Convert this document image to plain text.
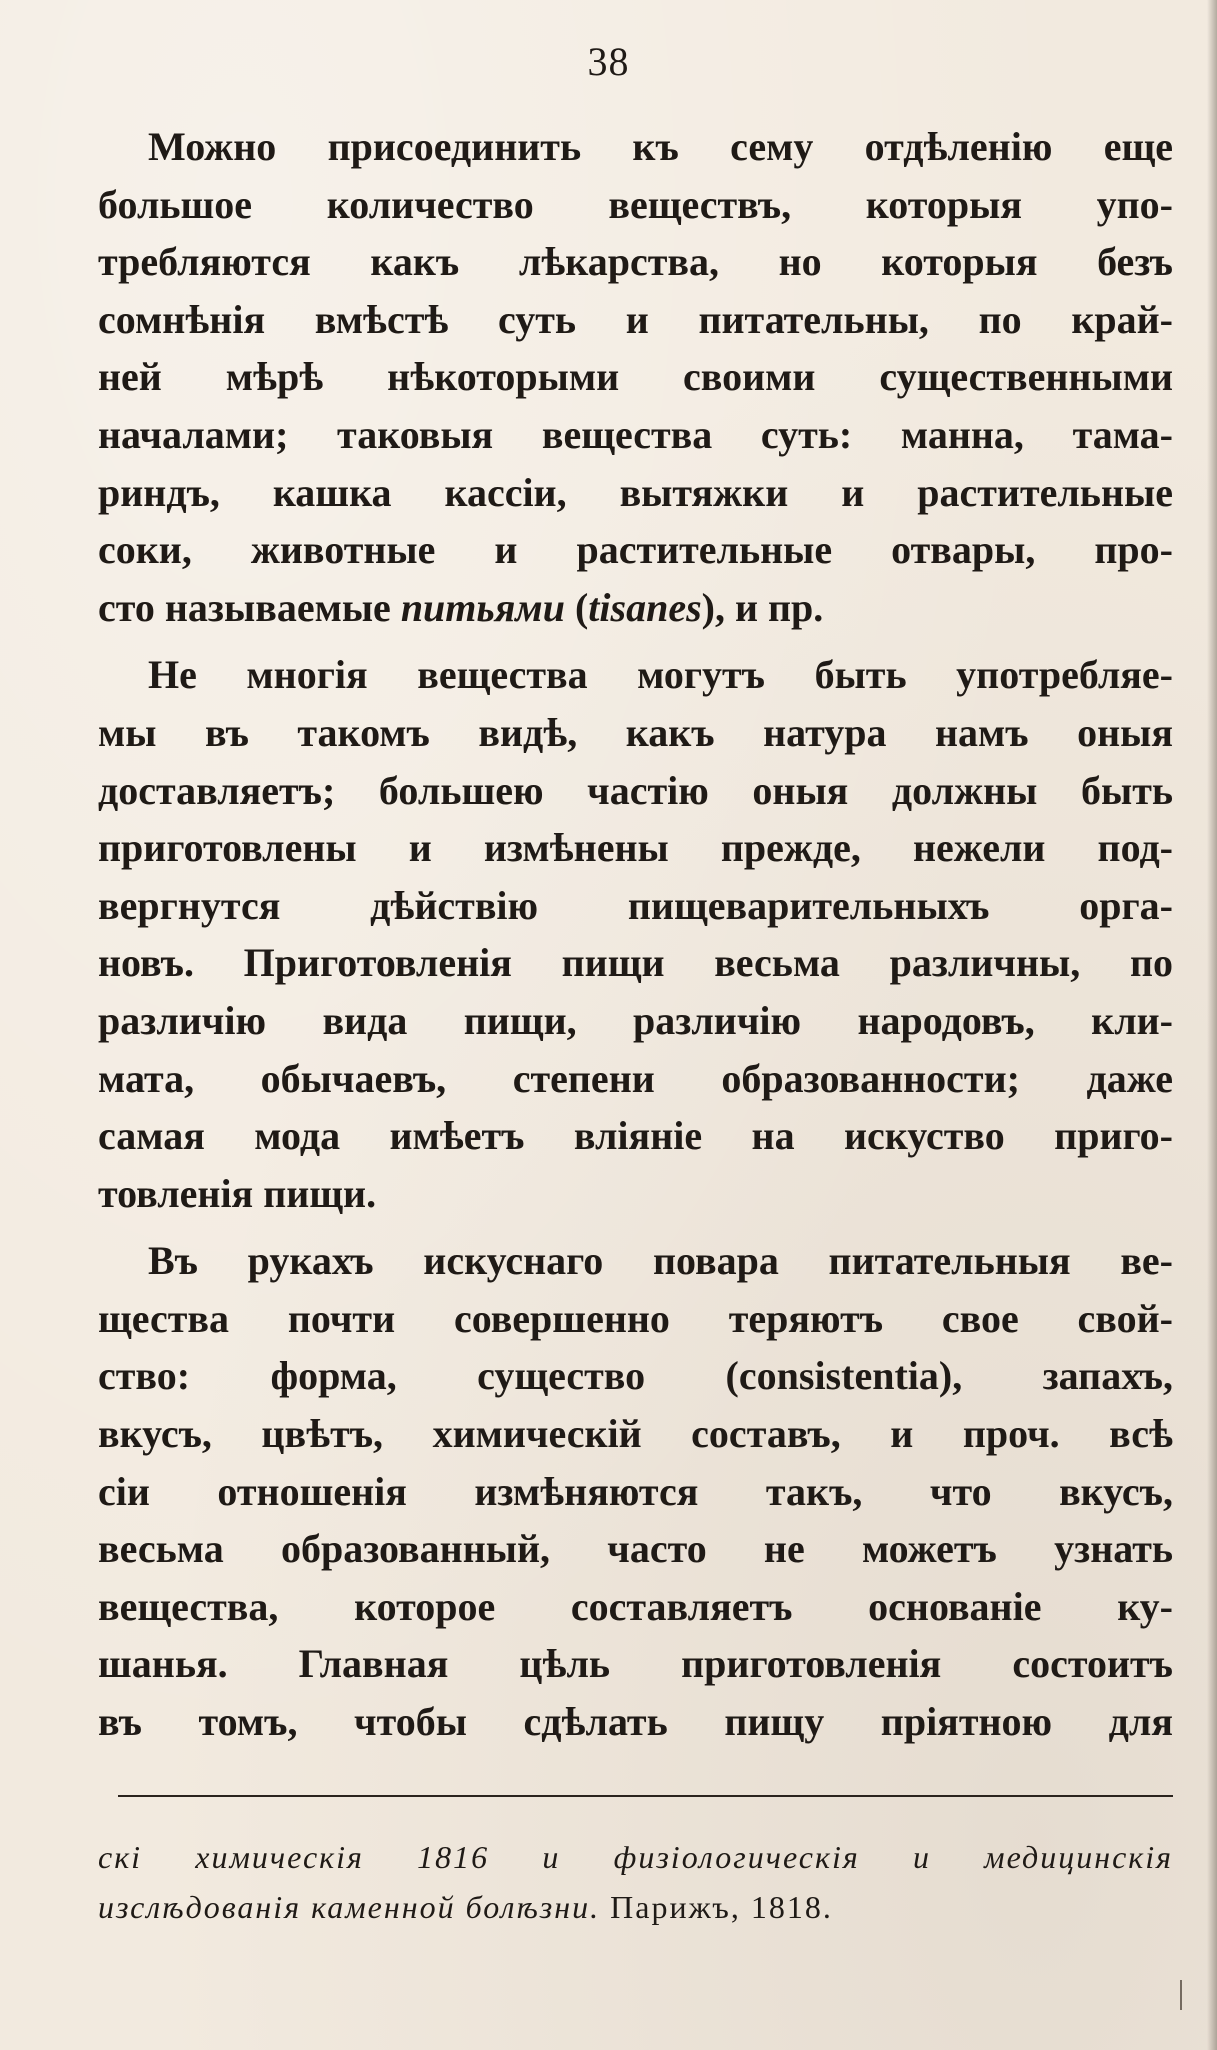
38
Можно присоединить къ сему отдѣленію еще
большое количество веществъ, которыя упо-
требляются какъ лѣкарства, но которыя безъ
сомнѣнія вмѣстѣ суть и питательны, по край-
ней мѣрѣ нѣкоторыми своими существенными
началами; таковыя вещества суть: манна, тама-
риндъ, кашка кассіи, вытяжки и растительные
соки, животные и растительные отвары, про-
сто называемые питьями (tisanes), и пр.
Не многія вещества могутъ быть употребляе-
мы въ такомъ видѣ, какъ натура намъ оныя
доставляетъ; большею частію оныя должны быть
приготовлены и измѣнены прежде, нежели под-
вергнутся дѣйствію пищеварительныхъ орга-
новъ. Приготовленія пищи весьма различны, по
различію вида пищи, различію народовъ, кли-
мата, обычаевъ, степени образованности; даже
самая мода имѣетъ вліяніе на искуство приго-
товленія пищи.
Въ рукахъ искуснаго повара питательныя ве-
щества почти совершенно теряютъ свое свой-
ство: форма, существо (consistentia), запахъ,
вкусъ, цвѣтъ, химическій составъ, и проч. всѣ
сіи отношенія измѣняются такъ, что вкусъ,
весьма образованный, часто не можетъ узнать
вещества, которое составляетъ основаніе ку-
шанья. Главная цѣль приготовленія состоитъ
въ томъ, чтобы сдѣлать пищу пріятною для
скі химическія 1816 и физіологическія и медицинскія
изслѣдованія каменной болѣзни. Парижъ, 1818.
